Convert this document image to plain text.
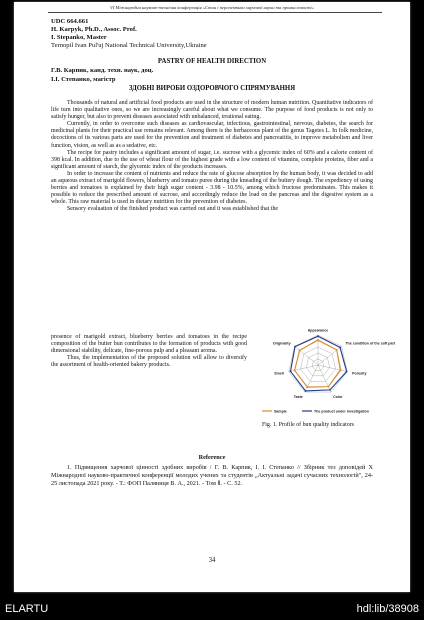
VI Міжнародна науково-технічна конференція «Стан і перспективи харчової науки та промисловості»
UDC 664.661
H. Karpyk, Ph.D., Assoc. Prof.
I. Stepanko, Master
Ternopil Ivan Pul'uj National Technical University,Ukraine
PASTRY OF HEALTH DIRECTION
Г.В. Карпик, канд. техн. наук, доц.
І.І. Степанко, магістр
ЗДОБНІ ВИРОБИ ОЗДОРОВЧОГО СПРЯМУВАННЯ

Thousands of natural and artificial food products are used in the structure of modern human nutrition. Quantitative indicators of life turn into qualitative ones, so we are increasingly careful about what we consume. The purpose of food products is not only to satisfy hunger, but also to prevent diseases associated with unbalanced, irrational eating.

Currently, in order to overcome such diseases as cardiovascular, infectious, gastrointestinal, nervous, diabetes, the search for medicinal plants for their practical use remains relevant. Among them is the herbaceous plant of the genus Tagetes L. In folk medicine, decoctions of its various parts are used for the prevention and treatment of diabetes and pancreatitis, to improve metabolism and liver function, vision, as well as as a sedative, etc.

The recipe for pastry includes a significant amount of sugar, i.e. sucrose with a glycemic index of 60% and a calorie content of 398 kcal. In addition, due to the use of wheat flour of the highest grade with a low content of vitamins, complete proteins, fiber and a significant amount of starch, the glycemic index of the products increases.

In order to increase the content of nutrients and reduce the rate of glucose absorption by the human body, it was decided to add an aqueous extract of marigold flowers, blueberry and tomato puree during the kneading of the buttery dough. The expediency of using berries and tomatoes is explained by their high sugar content - 3.98 - 10.5%, among which fructose predominates. This makes it possible to reduce the prescribed amount of sucrose, and accordingly reduce the load on the pancreas and the digestive system as a whole. This raw material is used in dietary nutrition for the prevention of diabetes.

Sensory evaluation of the finished product was carried out and it was established that the

presence of marigold extract, blueberry berries and tomatoes in the recipe composition of the butter bun contributes to the formation of products with good dimensional stability, delicate, fine-porous pulp and a pleasant aroma.

Thus, the implementation of the proposed solution will allow to diversify the assortment of health-oriented bakery products.

Appearance
The condition of the soft part
Porosity
Color
Taste
Smell
Originality
Sample	The product under investigation
Fig. 1. Profile of bun quality indicators
Reference

1. Підвищення харчової цінності здобних виробів / Г. В. Карпик, І. І. Степанко // Збірник тез доповідей X Міжнародної науково-практичної конференції молодих учених та студентів „Актуальні задачі сучасних технологій", 24-25 листопада 2021 року. - Т.: ФОП Паляниця В. А., 2021. - Том Ⅱ. - С. 52.

34
ELARTU	hdl:lib/38908
